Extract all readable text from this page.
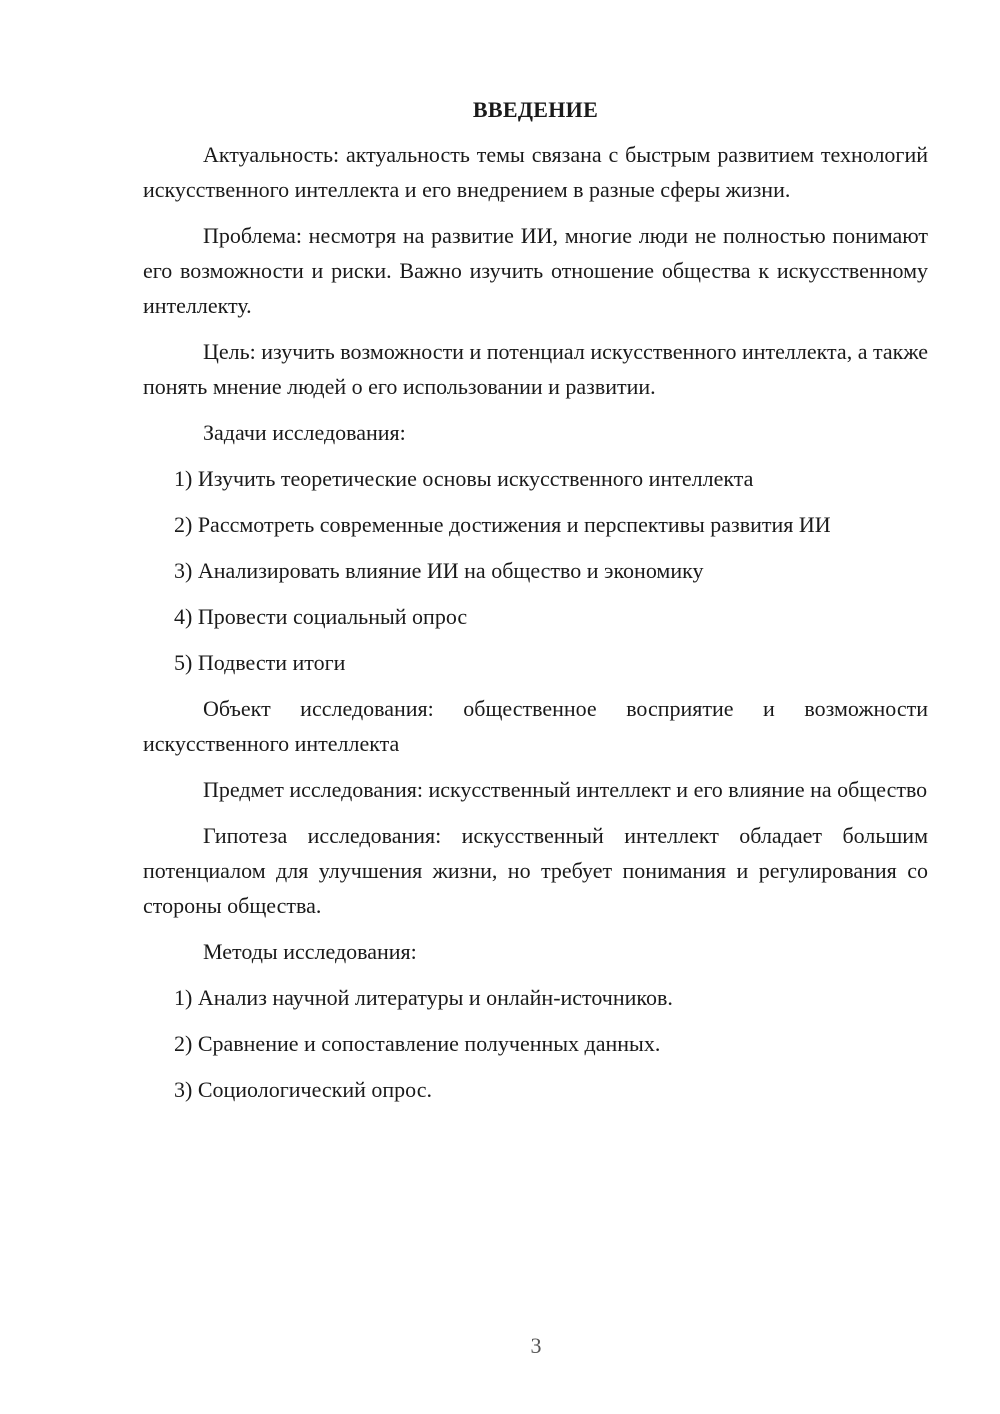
ВВЕДЕНИЕ

Актуальность: актуальность темы связана с быстрым развитием технологий искусственного интеллекта и его внедрением в разные сферы жизни.

Проблема: несмотря на развитие ИИ, многие люди не полностью понимают его возможности и риски. Важно изучить отношение общества к искусственному интеллекту.

Цель: изучить возможности и потенциал искусственного интеллекта, а также понять мнение людей о его использовании и развитии.

Задачи исследования:

1) Изучить теоретические основы искусственного интеллекта
2) Рассмотреть современные достижения и перспективы развития ИИ
3) Анализировать влияние ИИ на общество и экономику
4) Провести социальный опрос
5) Подвести итоги

Объект исследования: общественное восприятие и возможности искусственного интеллекта

Предмет исследования: искусственный интеллект и его влияние на общество

Гипотеза исследования: искусственный интеллект обладает большим потенциалом для улучшения жизни, но требует понимания и регулирования со стороны общества.

Методы исследования:

1) Анализ научной литературы и онлайн-источников.
2) Сравнение и сопоставление полученных данных.
3) Социологический опрос.
3
